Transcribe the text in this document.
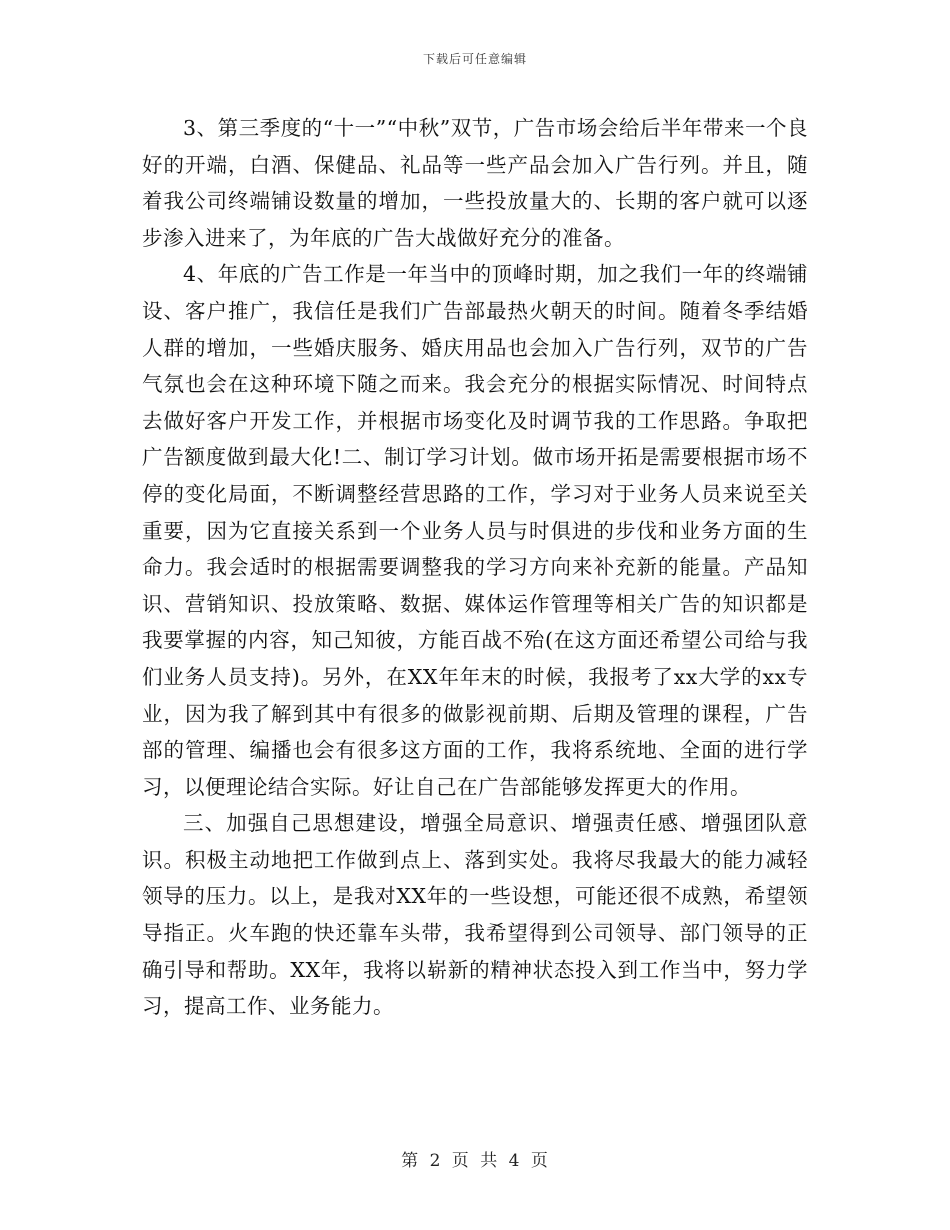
下载后可任意编辑

3、第三季度的“十一”“中秋”双节，广告市场会给后半年带来一个良好的开端，白酒、保健品、礼品等一些产品会加入广告行列。并且，随着我公司终端铺设数量的增加，一些投放量大的、长期的客户就可以逐步渗入进来了，为年底的广告大战做好充分的准备。

4、年底的广告工作是一年当中的顶峰时期，加之我们一年的终端铺设、客户推广，我信任是我们广告部最热火朝天的时间。随着冬季结婚人群的增加，一些婚庆服务、婚庆用品也会加入广告行列，双节的广告气氛也会在这种环境下随之而来。我会充分的根据实际情况、时间特点去做好客户开发工作，并根据市场变化及时调节我的工作思路。争取把广告额度做到最大化!二、制订学习计划。做市场开拓是需要根据市场不停的变化局面，不断调整经营思路的工作，学习对于业务人员来说至关重要，因为它直接关系到一个业务人员与时俱进的步伐和业务方面的生命力。我会适时的根据需要调整我的学习方向来补充新的能量。产品知识、营销知识、投放策略、数据、媒体运作管理等相关广告的知识都是我要掌握的内容，知己知彼，方能百战不殆(在这方面还希望公司给与我们业务人员支持)。另外，在XX年年末的时候，我报考了xx大学的xx专业，因为我了解到其中有很多的做影视前期、后期及管理的课程，广告部的管理、编播也会有很多这方面的工作，我将系统地、全面的进行学习，以便理论结合实际。好让自己在广告部能够发挥更大的作用。

三、加强自己思想建设，增强全局意识、增强责任感、增强团队意识。积极主动地把工作做到点上、落到实处。我将尽我最大的能力减轻领导的压力。以上，是我对XX年的一些设想，可能还很不成熟，希望领导指正。火车跑的快还靠车头带，我希望得到公司领导、部门领导的正确引导和帮助。XX年，我将以崭新的精神状态投入到工作当中，努力学习，提高工作、业务能力。

第 2 页 共 4 页
